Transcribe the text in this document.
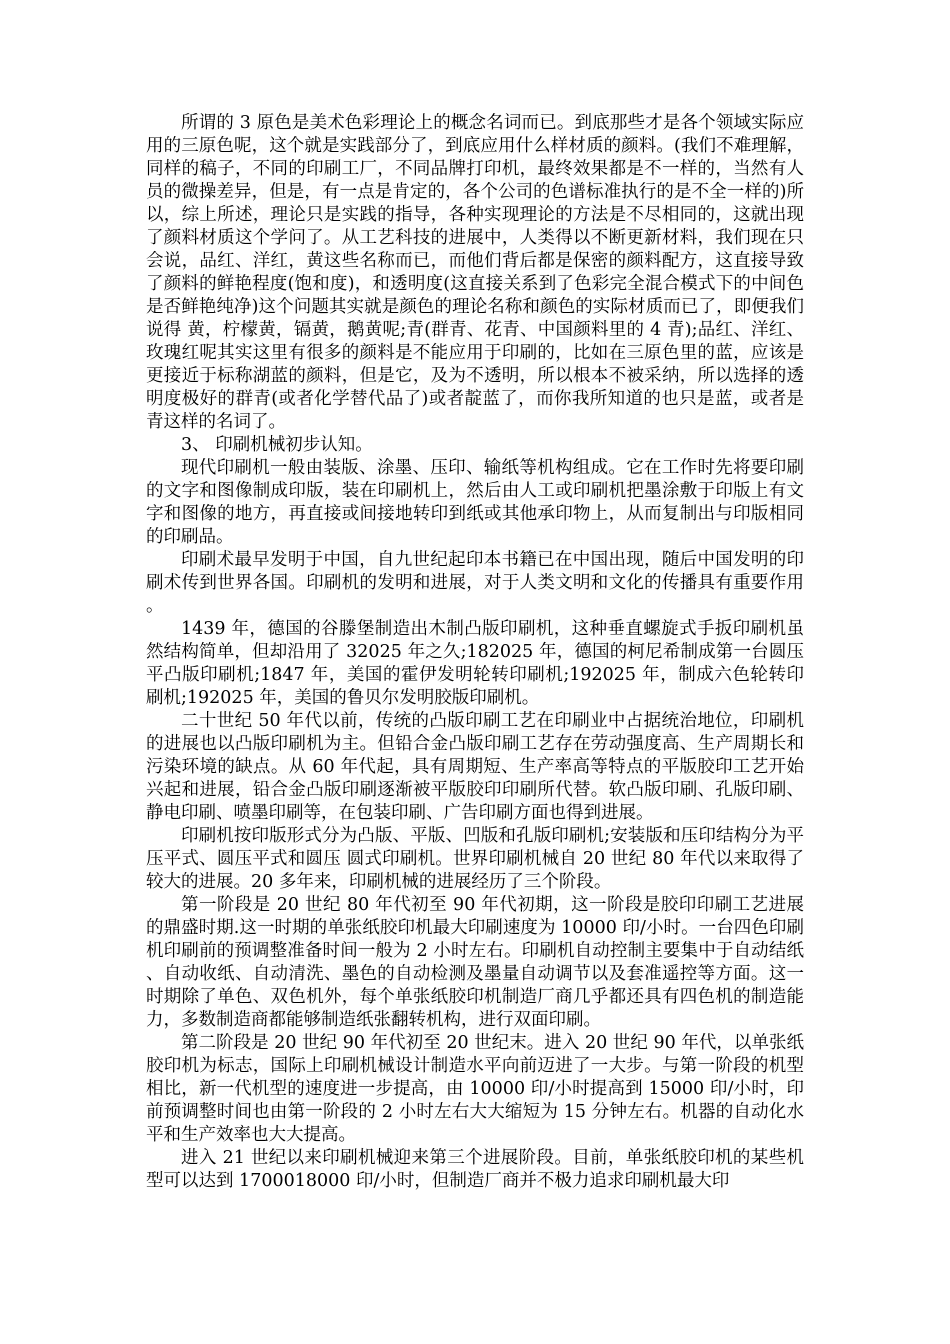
所谓的 3 原色是美术色彩理论上的概念名词而已。到底那些才是各个领域实际应用的三原色呢，这个就是实践部分了，到底应用什么样材质的颜料。(我们不难理解，同样的稿子，不同的印刷工厂，不同品牌打印机，最终效果都是不一样的，当然有人员的微操差异，但是，有一点是肯定的，各个公司的色谱标准执行的是不全一样的)所以，综上所述，理论只是实践的指导，各种实现理论的方法是不尽相同的，这就出现了颜料材质这个学问了。从工艺科技的进展中，人类得以不断更新材料，我们现在只会说，品红、洋红，黄这些名称而已，而他们背后都是保密的颜料配方，这直接导致了颜料的鲜艳程度(饱和度)，和透明度(这直接关系到了色彩完全混合模式下的中间色是否鲜艳纯净)这个问题其实就是颜色的理论名称和颜色的实际材质而已了，即便我们说得 黄，柠檬黄，镉黄，鹅黄呢;青(群青、花青、中国颜料里的 4 青);品红、洋红、玫瑰红呢其实这里有很多的颜料是不能应用于印刷的，比如在三原色里的蓝，应该是更接近于标称湖蓝的颜料，但是它，及为不透明，所以根本不被采纳，所以选择的透明度极好的群青(或者化学替代品了)或者靛蓝了，而你我所知道的也只是蓝，或者是青这样的名词了。

3、 印刷机械初步认知。

现代印刷机一般由装版、涂墨、压印、输纸等机构组成。它在工作时先将要印刷的文字和图像制成印版，装在印刷机上，然后由人工或印刷机把墨涂敷于印版上有文字和图像的地方，再直接或间接地转印到纸或其他承印物上，从而复制出与印版相同的印刷品。

印刷术最早发明于中国，自九世纪起印本书籍已在中国出现，随后中国发明的印刷术传到世界各国。印刷机的发明和进展，对于人类文明和文化的传播具有重要作用。

1439 年，德国的谷滕堡制造出木制凸版印刷机，这种垂直螺旋式手扳印刷机虽然结构简单，但却沿用了 32025 年之久;182025 年，德国的柯尼希制成第一台圆压平凸版印刷机;1847 年，美国的霍伊发明轮转印刷机;192025 年，制成六色轮转印刷机;192025 年，美国的鲁贝尔发明胶版印刷机。

二十世纪 50 年代以前，传统的凸版印刷工艺在印刷业中占据统治地位，印刷机的进展也以凸版印刷机为主。但铅合金凸版印刷工艺存在劳动强度高、生产周期长和污染环境的缺点。从 60 年代起，具有周期短、生产率高等特点的平版胶印工艺开始兴起和进展，铅合金凸版印刷逐渐被平版胶印印刷所代替。软凸版印刷、孔版印刷、静电印刷、喷墨印刷等，在包装印刷、广告印刷方面也得到进展。

印刷机按印版形式分为凸版、平版、凹版和孔版印刷机;安装版和压印结构分为平压平式、圆压平式和圆压 圆式印刷机。世界印刷机械自 20 世纪 80 年代以来取得了较大的进展。20 多年来，印刷机械的进展经历了三个阶段。

第一阶段是 20 世纪 80 年代初至 90 年代初期，这一阶段是胶印印刷工艺进展的鼎盛时期.这一时期的单张纸胶印机最大印刷速度为 10000 印/小时。一台四色印刷机印刷前的预调整准备时间一般为 2 小时左右。印刷机自动控制主要集中于自动结纸、自动收纸、自动清洗、墨色的自动检测及墨量自动调节以及套准遥控等方面。这一时期除了单色、双色机外，每个单张纸胶印机制造厂商几乎都还具有四色机的制造能力，多数制造商都能够制造纸张翻转机构，进行双面印刷。

第二阶段是 20 世纪 90 年代初至 20 世纪末。进入 20 世纪 90 年代，以单张纸胶印机为标志，国际上印刷机械设计制造水平向前迈进了一大步。与第一阶段的机型相比，新一代机型的速度进一步提高，由 10000 印/小时提高到 15000 印/小时，印前预调整时间也由第一阶段的 2 小时左右大大缩短为 15 分钟左右。机器的自动化水平和生产效率也大大提高。

进入 21 世纪以来印刷机械迎来第三个进展阶段。目前，单张纸胶印机的某些机型可以达到 1700018000 印/小时，但制造厂商并不极力追求印刷机最大印
